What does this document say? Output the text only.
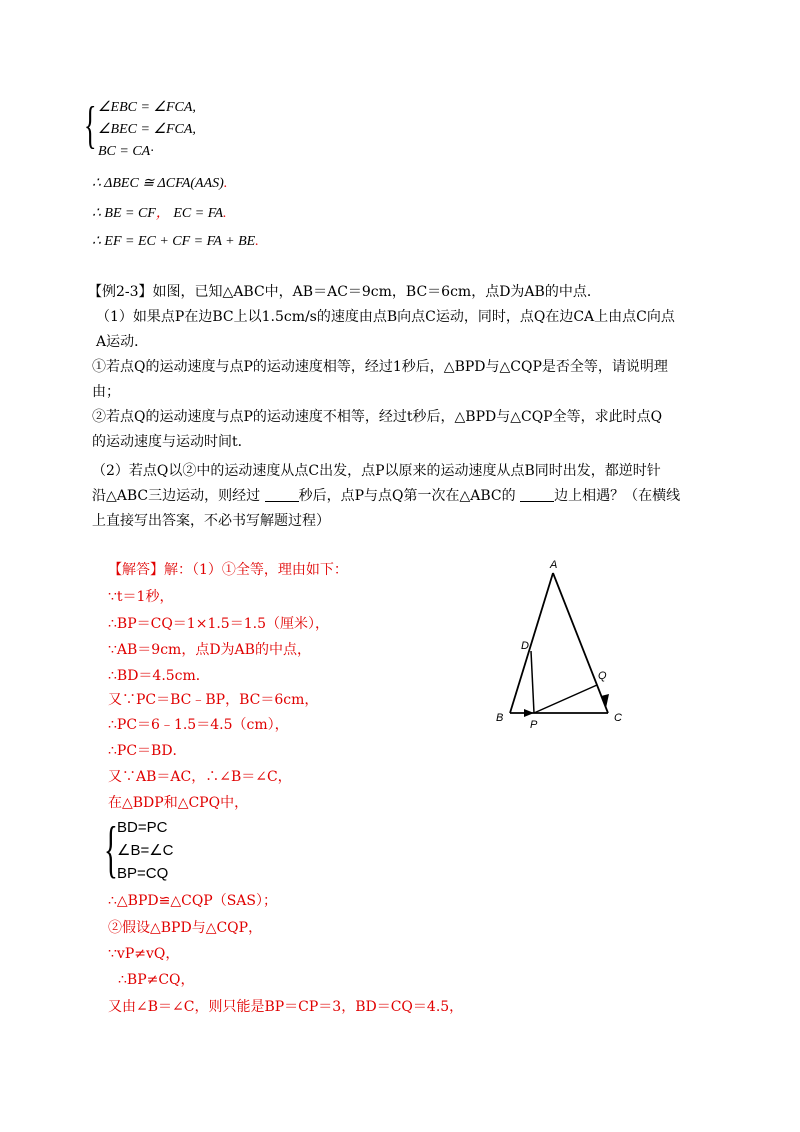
{ ∠EBC = ∠FCA,
∠BEC = ∠FCA,
BC = CA·
∴ ΔBEC ≅ ΔCFA(AAS).
∴ BE = CF， EC = FA.
∴ EF = EC + CF = FA + BE.
【例2-3】如图，已知△ABC中，AB＝AC＝9cm，BC＝6cm，点D为AB的中点．
（1）如果点P在边BC上以1.5cm/s的速度由点B向点C运动，同时，点Q在边CA上由点C向点
A运动．
①若点Q的运动速度与点P的运动速度相等，经过1秒后，△BPD与△CQP是否全等，请说明理
由；
②若点Q的运动速度与点P的运动速度不相等，经过t秒后，△BPD与△CQP全等，求此时点Q
的运动速度与运动时间t．
（2）若点Q以②中的运动速度从点C出发，点P以原来的运动速度从点B同时出发，都逆时针
沿△ABC三边运动，则经过	秒后，点P与点Q第一次在△ABC的	边上相遇？（在横线
上直接写出答案，不必书写解题过程）
【解答】解：（1）①全等，理由如下：
∵t＝1秒，
∴BP＝CQ＝1×1.5＝1.5（厘米），
∵AB＝9cm，点D为AB的中点，
∴BD＝4.5cm．
又∵PC＝BC﹣BP，BC＝6cm，
∴PC＝6﹣1.5＝4.5（cm），
∴PC＝BD．
又∵AB＝AC，∴∠B＝∠C，
在△BDP和△CPQ中，
{ BD=PC
∠B=∠C
BP=CQ
∴△BPD≌△CQP（SAS）；
②假设△BPD与△CQP，
∵vP≠vQ，
∴BP≠CQ，
又由∠B＝∠C，则只能是BP＝CP＝3，BD＝CQ＝4.5，
A
B	C
D
P
Q
